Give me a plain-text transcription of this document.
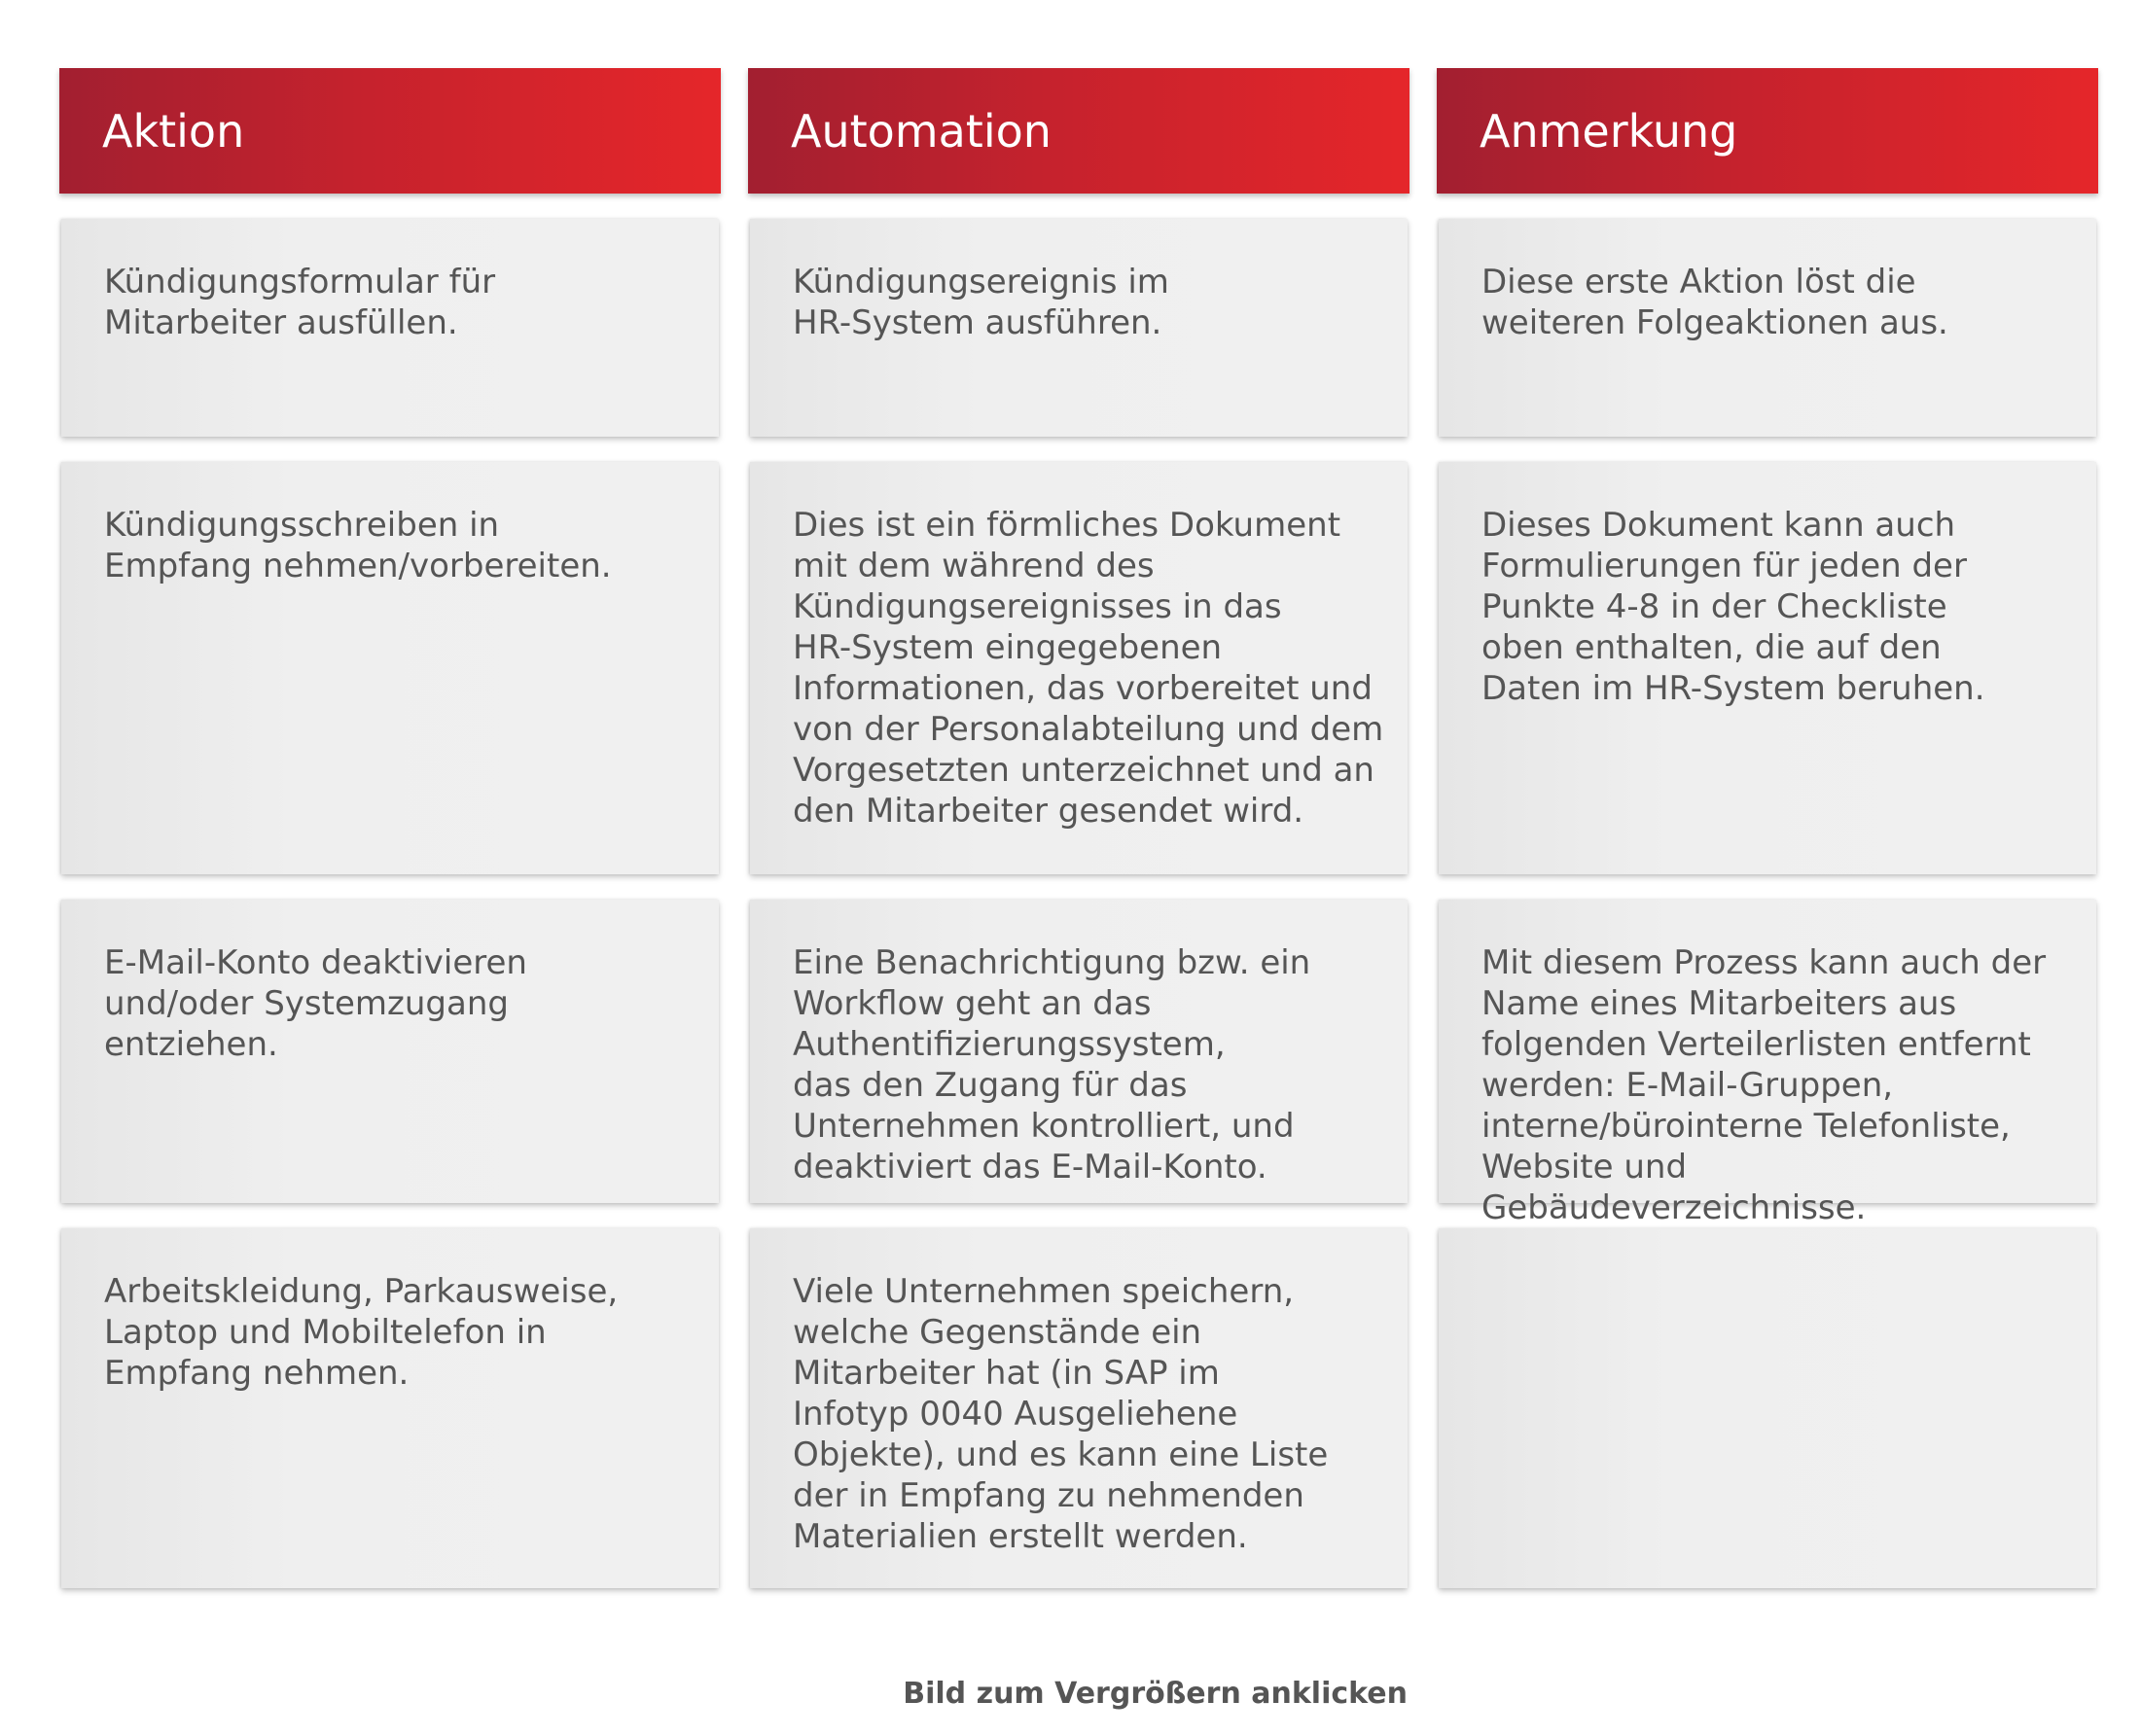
Aktion	Automation	Anmerkung
Kündigungsformular für
Mitarbeiter ausfüllen.
Kündigungsereignis im
HR-System ausführen.
Diese erste Aktion löst die
weiteren Folgeaktionen aus.
Kündigungsschreiben in
Empfang nehmen/vorbereiten.
Dies ist ein förmliches Dokument
mit dem während des
Kündigungsereignisses in das
HR-System eingegebenen
Informationen, das vorbereitet und
von der Personalabteilung und dem
Vorgesetzten unterzeichnet und an
den Mitarbeiter gesendet wird.
Dieses Dokument kann auch
Formulierungen für jeden der
Punkte 4-8 in der Checkliste
oben enthalten, die auf den
Daten im HR-System beruhen.
E-Mail-Konto deaktivieren
und/oder Systemzugang
entziehen.
Eine Benachrichtigung bzw. ein
Workflow geht an das
Authentifizierungssystem,
das den Zugang für das
Unternehmen kontrolliert, und
deaktiviert das E-Mail-Konto.
Mit diesem Prozess kann auch der
Name eines Mitarbeiters aus
folgenden Verteilerlisten entfernt
werden: E-Mail-Gruppen,
interne/bürointerne Telefonliste,
Website und Gebäudeverzeichnisse.
Arbeitskleidung, Parkausweise,
Laptop und Mobiltelefon in
Empfang nehmen.
Viele Unternehmen speichern,
welche Gegenstände ein
Mitarbeiter hat (in SAP im
Infotyp 0040 Ausgeliehene
Objekte), und es kann eine Liste
der in Empfang zu nehmenden
Materialien erstellt werden.
Bild zum Vergrößern anklicken
